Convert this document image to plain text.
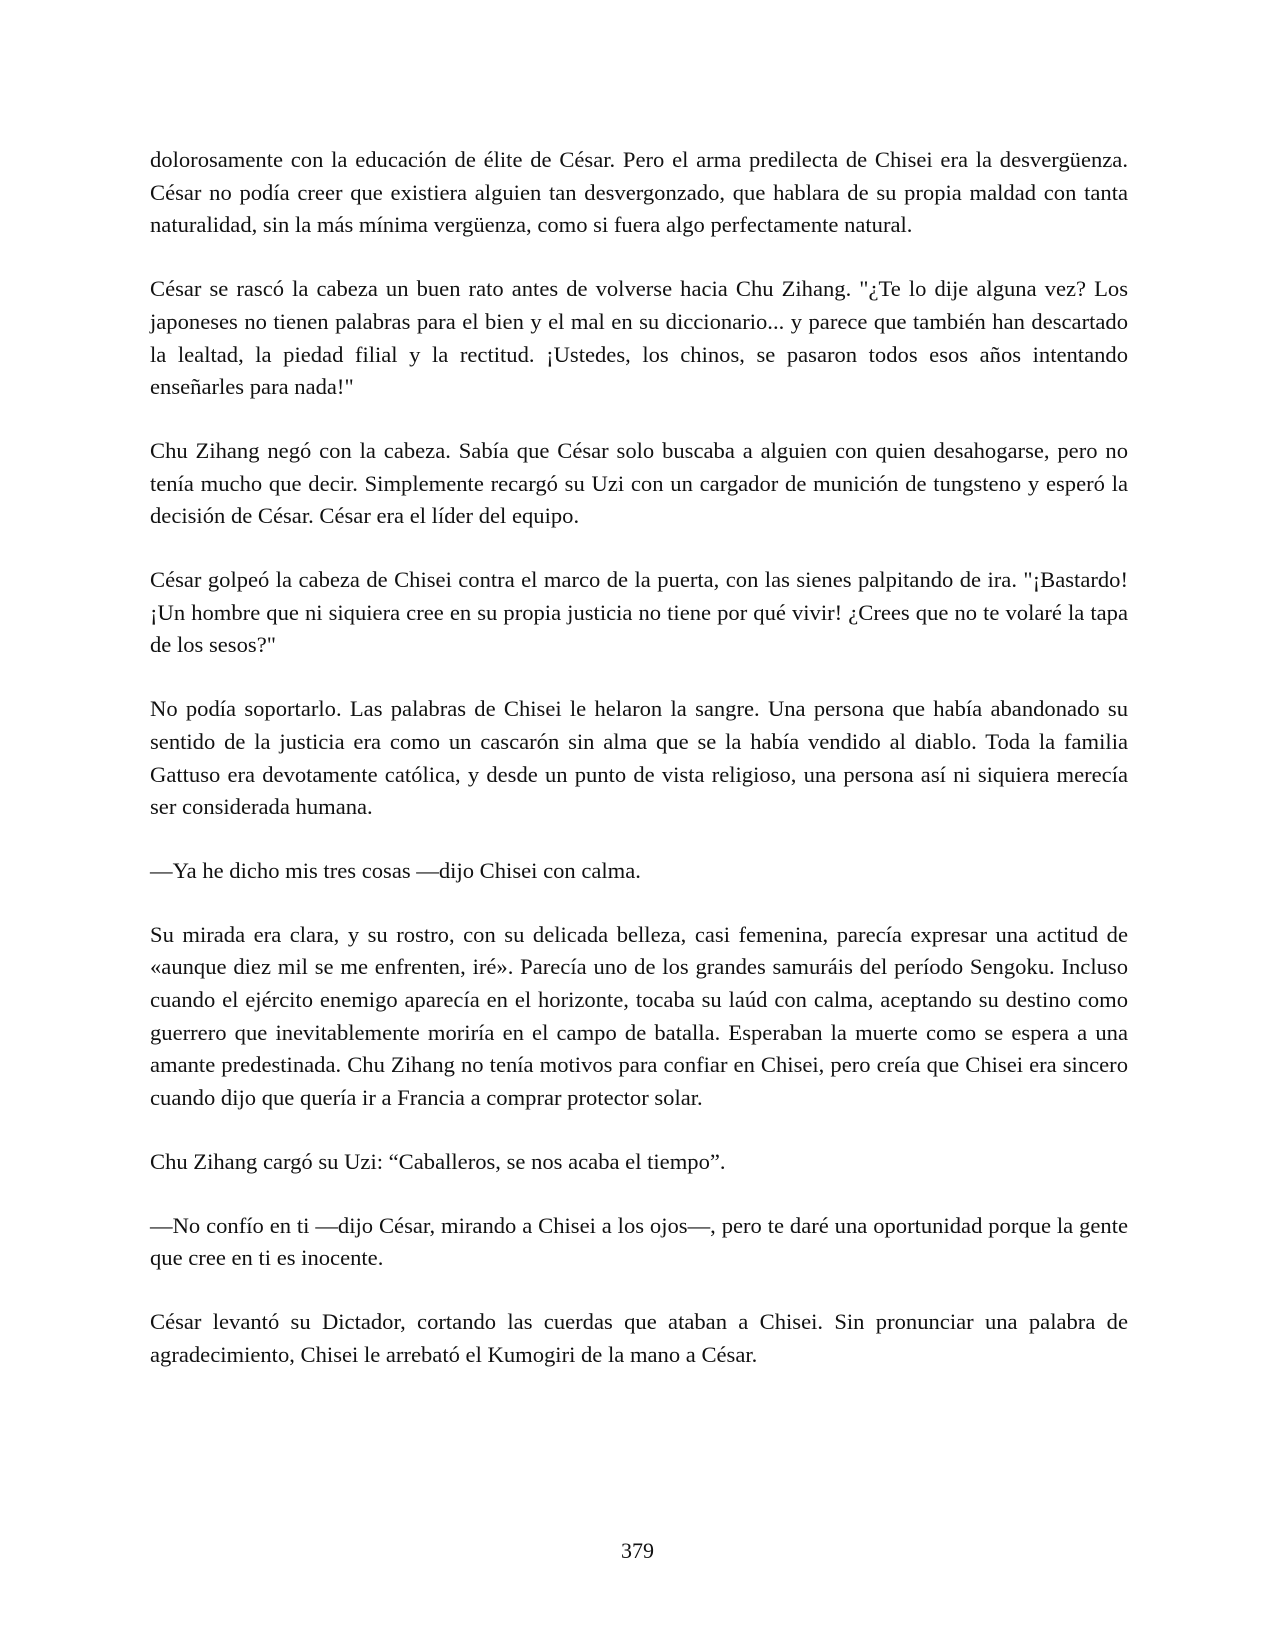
dolorosamente con la educación de élite de César. Pero el arma predilecta de Chisei era la desvergüenza. César no podía creer que existiera alguien tan desvergonzado, que hablara de su propia maldad con tanta naturalidad, sin la más mínima vergüenza, como si fuera algo perfectamente natural.

César se rascó la cabeza un buen rato antes de volverse hacia Chu Zihang. "¿Te lo dije alguna vez? Los japoneses no tienen palabras para el bien y el mal en su diccionario... y parece que también han descartado la lealtad, la piedad filial y la rectitud. ¡Ustedes, los chinos, se pasaron todos esos años intentando enseñarles para nada!"

Chu Zihang negó con la cabeza. Sabía que César solo buscaba a alguien con quien desahogarse, pero no tenía mucho que decir. Simplemente recargó su Uzi con un cargador de munición de tungsteno y esperó la decisión de César. César era el líder del equipo.

César golpeó la cabeza de Chisei contra el marco de la puerta, con las sienes palpitando de ira. "¡Bastardo! ¡Un hombre que ni siquiera cree en su propia justicia no tiene por qué vivir! ¿Crees que no te volaré la tapa de los sesos?"

No podía soportarlo. Las palabras de Chisei le helaron la sangre. Una persona que había abandonado su sentido de la justicia era como un cascarón sin alma que se la había vendido al diablo. Toda la familia Gattuso era devotamente católica, y desde un punto de vista religioso, una persona así ni siquiera merecía ser considerada humana.

—Ya he dicho mis tres cosas —dijo Chisei con calma.

Su mirada era clara, y su rostro, con su delicada belleza, casi femenina, parecía expresar una actitud de «aunque diez mil se me enfrenten, iré». Parecía uno de los grandes samuráis del período Sengoku. Incluso cuando el ejército enemigo aparecía en el horizonte, tocaba su laúd con calma, aceptando su destino como guerrero que inevitablemente moriría en el campo de batalla. Esperaban la muerte como se espera a una amante predestinada. Chu Zihang no tenía motivos para confiar en Chisei, pero creía que Chisei era sincero cuando dijo que quería ir a Francia a comprar protector solar.

Chu Zihang cargó su Uzi: “Caballeros, se nos acaba el tiempo”.

—No confío en ti —dijo César, mirando a Chisei a los ojos—, pero te daré una oportunidad porque la gente que cree en ti es inocente.

César levantó su Dictador, cortando las cuerdas que ataban a Chisei. Sin pronunciar una palabra de agradecimiento, Chisei le arrebató el Kumogiri de la mano a César.

379
